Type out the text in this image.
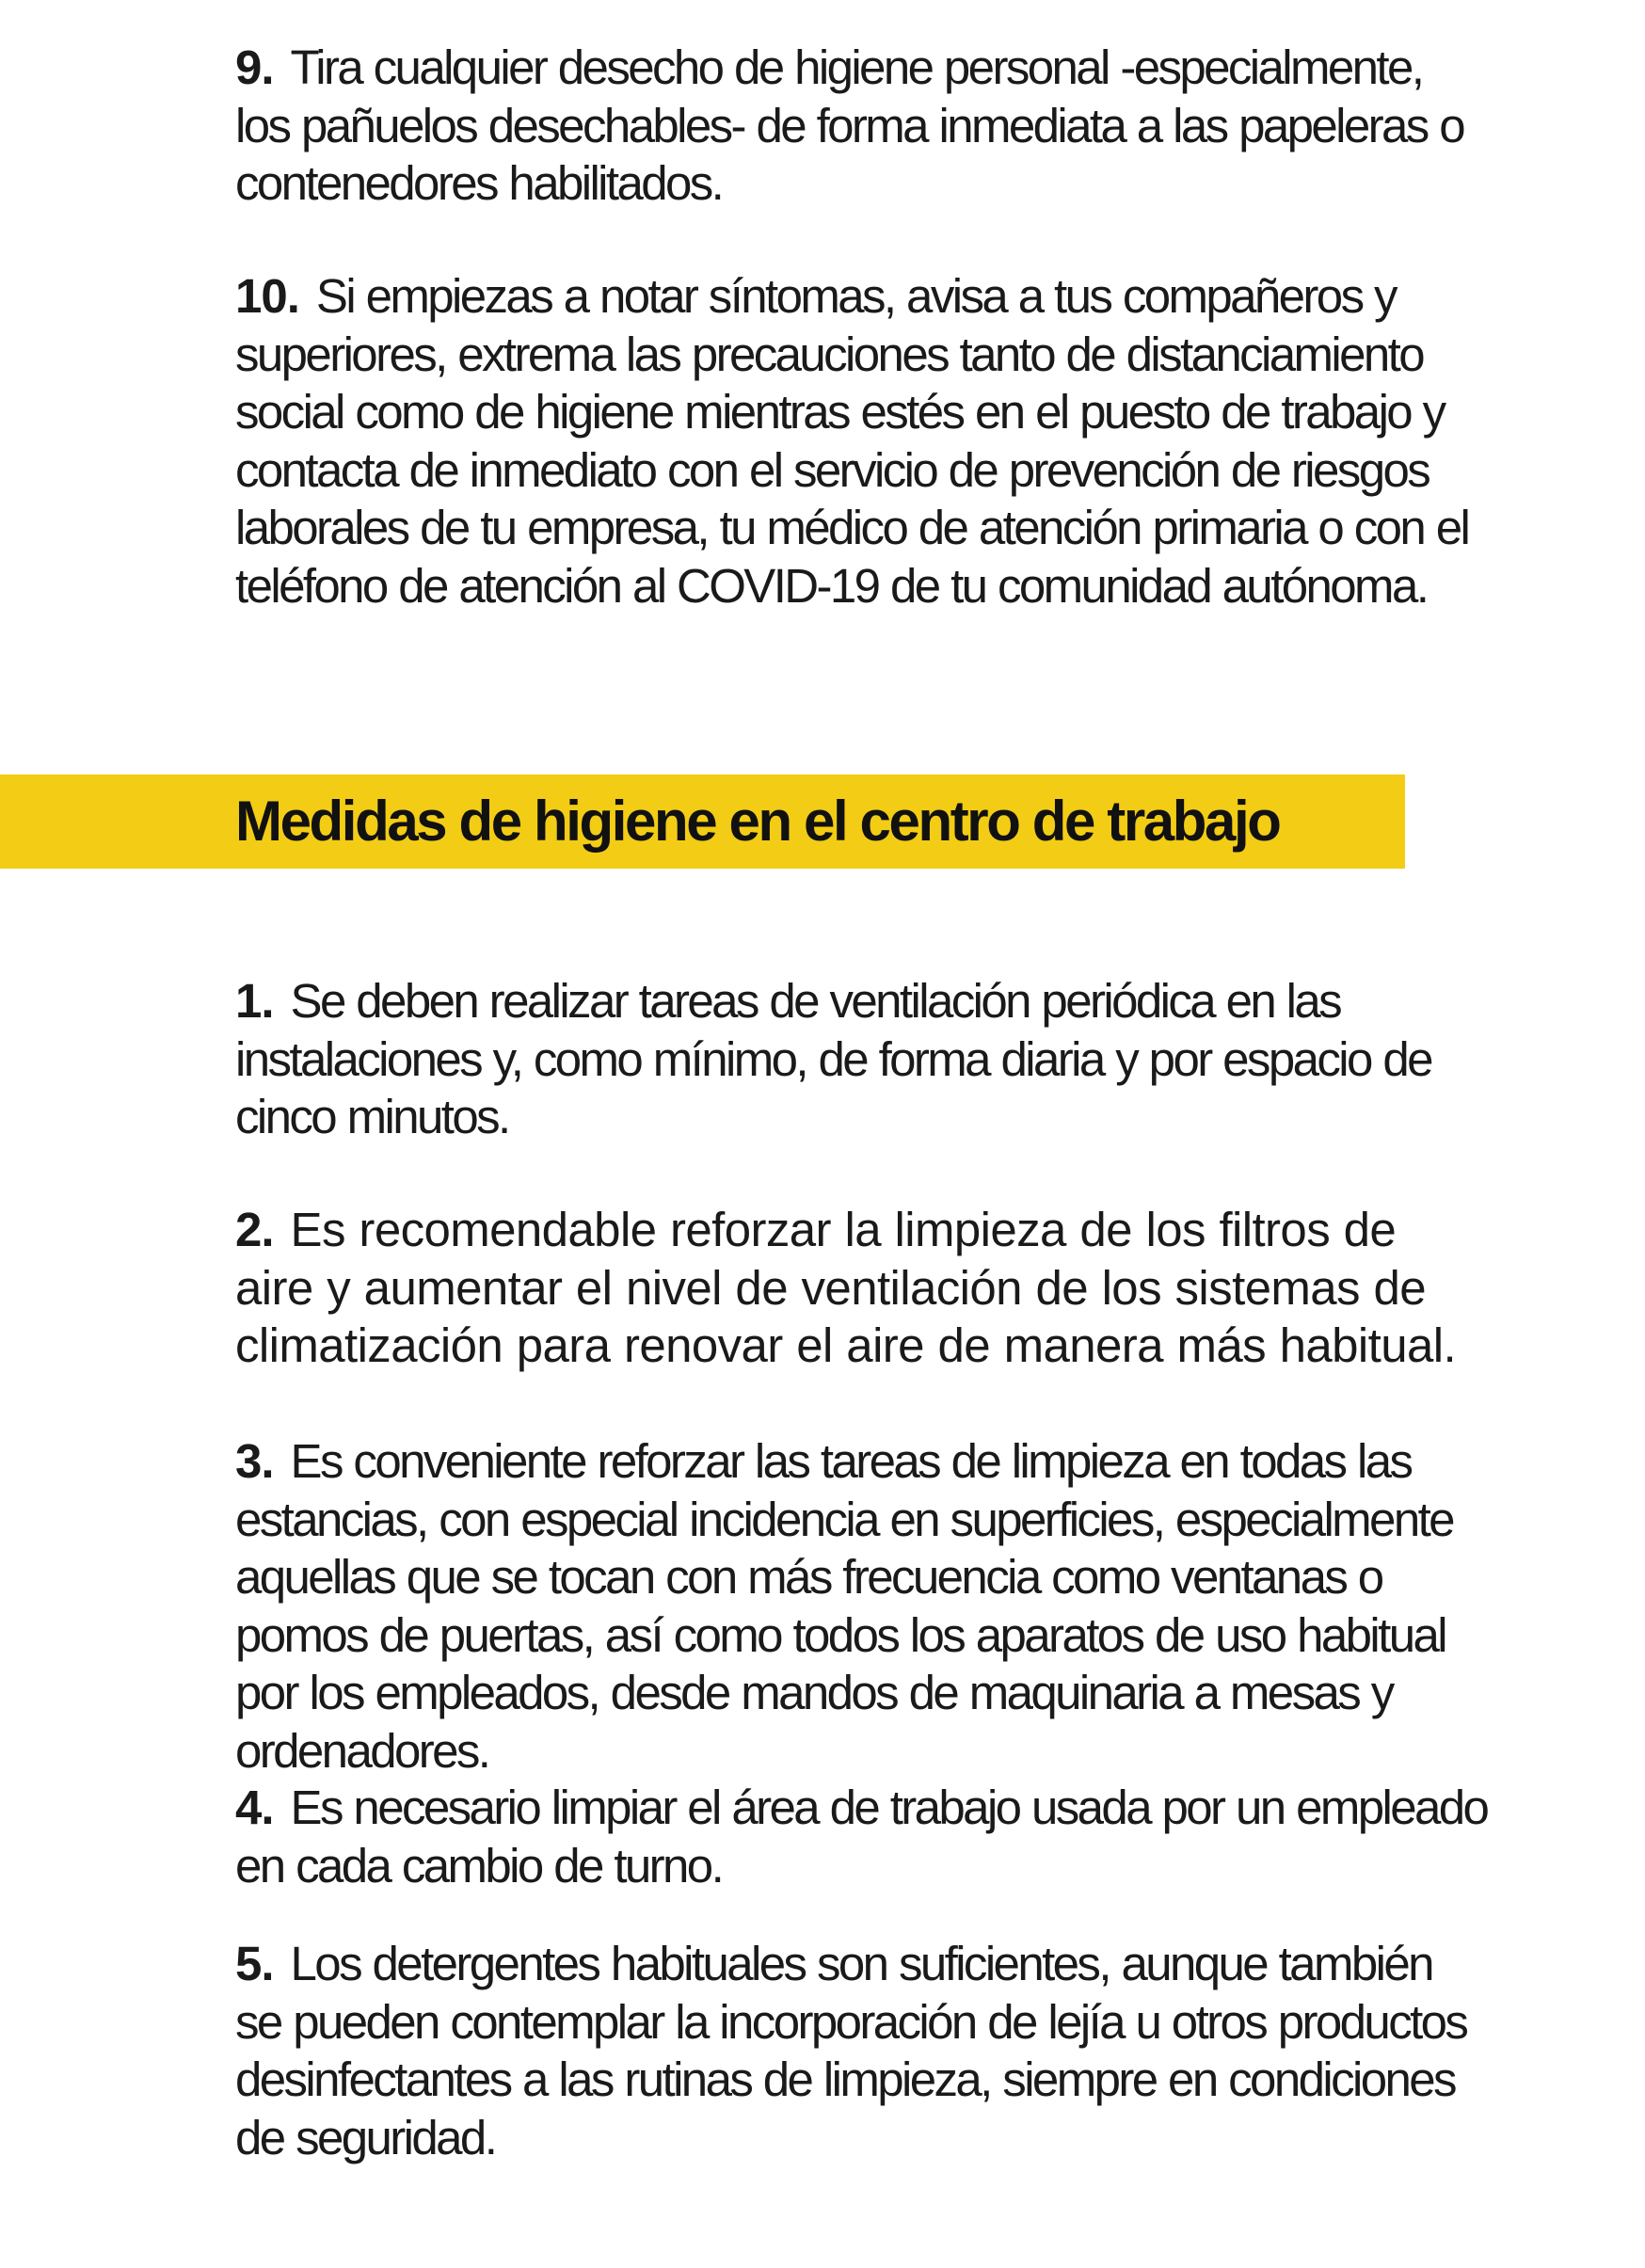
9. Tira cualquier desecho de higiene personal -especialmente,
los pañuelos desechables- de forma inmediata a las papeleras o
contenedores habilitados.

10. Si empiezas a notar síntomas, avisa a tus compañeros y
superiores, extrema las precauciones tanto de distanciamiento
social como de higiene mientras estés en el puesto de trabajo y
contacta de inmediato con el servicio de prevención de riesgos
laborales de tu empresa, tu médico de atención primaria o con el
teléfono de atención al COVID-19 de tu comunidad autónoma.

Medidas de higiene en el centro de trabajo

1. Se deben realizar tareas de ventilación periódica en las
instalaciones y, como mínimo, de forma diaria y por espacio de
cinco minutos.

2. Es recomendable reforzar la limpieza de los filtros de
aire y aumentar el nivel de ventilación de los sistemas de
climatización para renovar el aire de manera más habitual.

3. Es conveniente reforzar las tareas de limpieza en todas las
estancias, con especial incidencia en superficies, especialmente
aquellas que se tocan con más frecuencia como ventanas o
pomos de puertas, así como todos los aparatos de uso habitual
por los empleados, desde mandos de maquinaria a mesas y
ordenadores.

4. Es necesario limpiar el área de trabajo usada por un empleado
en cada cambio de turno.

5. Los detergentes habituales son suficientes, aunque también
se pueden contemplar la incorporación de lejía u otros productos
desinfectantes a las rutinas de limpieza, siempre en condiciones
de seguridad.
